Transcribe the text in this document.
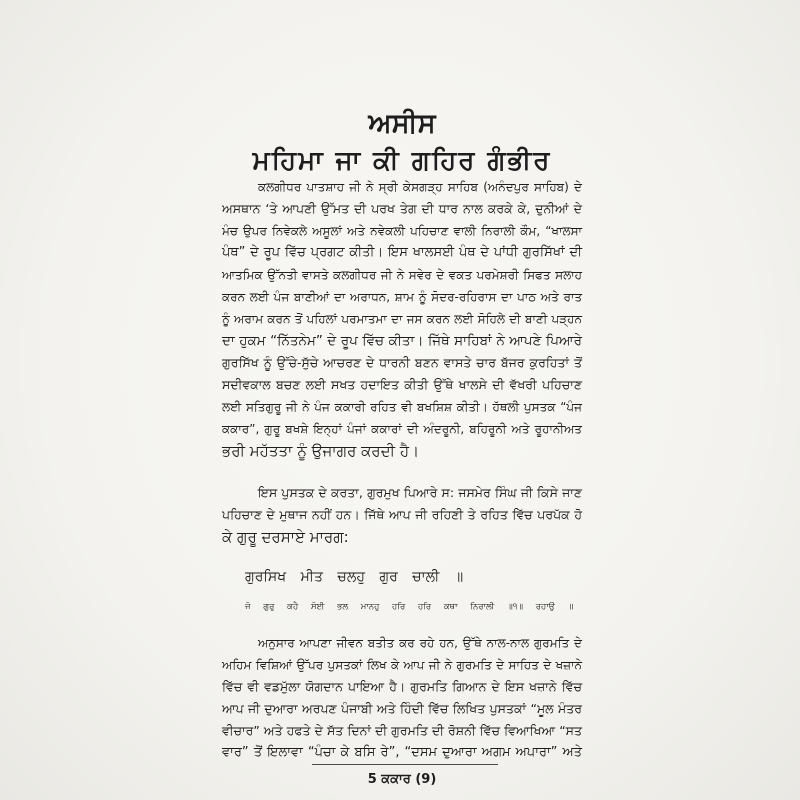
ਅਸੀਸ
ਮਹਿਮਾ ਜਾ ਕੀ ਗਹਿਰ ਗੰਭੀਰ
ਕਲਗੀਧਰ ਪਾਤਸ਼ਾਹ ਜੀ ਨੇ ਸ੍ਰੀ ਕੇਸਗੜ੍ਹ ਸਾਹਿਬ (ਅਨੰਦਪੁਰ ਸਾਹਿਬ) ਦੇ
ਅਸਥਾਨ ‘ਤੇ ਆਪਣੀ ਉੱਮਤ ਦੀ ਪਰਖ ਤੇਗ ਦੀ ਧਾਰ ਨਾਲ ਕਰਕੇ ਕੇ, ਦੁਨੀਆਂ ਦੇ
ਮੰਚ ਉਪਰ ਨਿਵੇਕਲੇ ਅਸੂਲਾਂ ਅਤੇ ਨਵੇਕਲੀ ਪਹਿਚਾਣ ਵਾਲੀ ਨਿਰਾਲੀ ਕੌਮ, “ਖਾਲਸਾ
ਪੰਥ” ਦੇ ਰੂਪ ਵਿੱਚ ਪ੍ਰਗਟ ਕੀਤੀ। ਇਸ ਖਾਲਸਈ ਪੰਥ ਦੇ ਪਾਂਧੀ ਗੁਰਸਿੱਖਾਂ ਦੀ
ਆਤਮਿਕ ਉੱਨਤੀ ਵਾਸਤੇ ਕਲਗੀਧਰ ਜੀ ਨੇ ਸਵੇਰ ਦੇ ਵਕਤ ਪਰਮੇਸ਼ਰੀ ਸਿਫਤ ਸਲਾਹ
ਕਰਨ ਲਈ ਪੰਜ ਬਾਣੀਆਂ ਦਾ ਅਰਾਧਨ, ਸ਼ਾਮ ਨੂੰ ਸੋਦਰ-ਰਹਿਰਾਸ ਦਾ ਪਾਠ ਅਤੇ ਰਾਤ
ਨੂੰ ਅਰਾਮ ਕਰਨ ਤੋਂ ਪਹਿਲਾਂ ਪਰਮਾਤਮਾ ਦਾ ਜਸ ਕਰਨ ਲਈ ਸੋਹਿਲੇ ਦੀ ਬਾਣੀ ਪੜ੍ਹਨ
ਦਾ ਹੁਕਮ “ਨਿੱਤਨੇਮ” ਦੇ ਰੂਪ ਵਿੱਚ ਕੀਤਾ। ਜਿੱਥੇ ਸਾਹਿਬਾਂ ਨੇ ਆਪਣੇ ਪਿਆਰੇ
ਗੁਰਸਿੱਖ ਨੂੰ ਉੱਚੇ-ਸੁੱਚੇ ਆਚਰਣ ਦੇ ਧਾਰਨੀ ਬਣਨ ਵਾਸਤੇ ਚਾਰ ਬੱਜਰ ਕੁਰਹਿਤਾਂ ਤੋਂ
ਸਦੀਵਕਾਲ ਬਚਣ ਲਈ ਸਖਤ ਹਦਾਇਤ ਕੀਤੀ ਉੱਥੇ ਖਾਲਸੇ ਦੀ ਵੱਖਰੀ ਪਹਿਚਾਣ
ਲਈ ਸਤਿਗੁਰੂ ਜੀ ਨੇ ਪੰਜ ਕਕਾਰੀ ਰਹਿਤ ਵੀ ਬਖਸ਼ਿਸ਼ ਕੀਤੀ। ਹੱਥਲੀ ਪੁਸਤਕ “ਪੰਜ
ਕਕਾਰ”, ਗੁਰੂ ਬਖਸ਼ੇ ਇਨ੍ਹਾਂ ਪੰਜਾਂ ਕਕਾਰਾਂ ਦੀ ਅੰਦਰੂਨੀ, ਬਹਿਰੂਨੀ ਅਤੇ ਰੂਹਾਨੀਅਤ
ਭਰੀ ਮਹੱਤਤਾ ਨੂੰ ਉਜਾਗਰ ਕਰਦੀ ਹੈ।
ਇਸ ਪੁਸਤਕ ਦੇ ਕਰਤਾ, ਗੁਰਮੁਖ ਪਿਆਰੇ ਸ: ਜਸਮੇਰ ਸਿੰਘ ਜੀ ਕਿਸੇ ਜਾਣ
ਪਹਿਚਾਣ ਦੇ ਮੁਥਾਜ ਨਹੀਂ ਹਨ। ਜਿੱਥੇ ਆਪ ਜੀ ਰਹਿਣੀ ਤੇ ਰਹਿਤ ਵਿੱਚ ਪਰਪੱਕ ਹੋ
ਕੇ ਗੁਰੂ ਦਰਸਾਏ ਮਾਰਗ:
ਗੁਰਸਿਖ ਮੀਤ ਚਲਹੁ ਗੁਰ ਚਾਲੀ ॥
ਜੋ ਗੁਰੁ ਕਹੈ ਸੋਈ ਭਲ ਮਾਨਹੁ ਹਰਿ ਹਰਿ ਕਥਾ ਨਿਰਾਲੀ ॥੧॥ ਰਹਾਉ ॥
ਅਨੁਸਾਰ ਆਪਣਾ ਜੀਵਨ ਬਤੀਤ ਕਰ ਰਹੇ ਹਨ, ਉੱਥੇ ਨਾਲ-ਨਾਲ ਗੁਰਮਤਿ ਦੇ
ਅਹਿਮ ਵਿਸ਼ਿਆਂ ਉੱਪਰ ਪੁਸਤਕਾਂ ਲਿਖ ਕੇ ਆਪ ਜੀ ਨੇ ਗੁਰਮਤਿ ਦੇ ਸਾਹਿਤ ਦੇ ਖਜ਼ਾਨੇ
ਵਿੱਚ ਵੀ ਵਡਮੁੱਲਾ ਯੋਗਦਾਨ ਪਾਇਆ ਹੈ। ਗੁਰਮਤਿ ਗਿਆਨ ਦੇ ਇਸ ਖਜ਼ਾਨੇ ਵਿੱਚ
ਆਪ ਜੀ ਦੁਆਰਾ ਅਰਪਣ ਪੰਜਾਬੀ ਅਤੇ ਹਿੰਦੀ ਵਿੱਚ ਲਿਖਿਤ ਪੁਸਤਕਾਂ “ਮੂਲ ਮੰਤਰ
ਵੀਚਾਰ” ਅਤੇ ਹਫਤੇ ਦੇ ਸੱਤ ਦਿਨਾਂ ਦੀ ਗੁਰਮਤਿ ਦੀ ਰੋਸ਼ਨੀ ਵਿੱਚ ਵਿਆਖਿਆ “ਸਤ
ਵਾਰ” ਤੋਂ ਇਲਾਵਾ “ਪੰਚਾ ਕੇ ਬਸਿ ਰੇ”, “ਦਸਮ ਦੁਆਰਾ ਅਗਮ ਅਪਾਰਾ” ਅਤੇ
5 ਕਕਾਰ (9)
